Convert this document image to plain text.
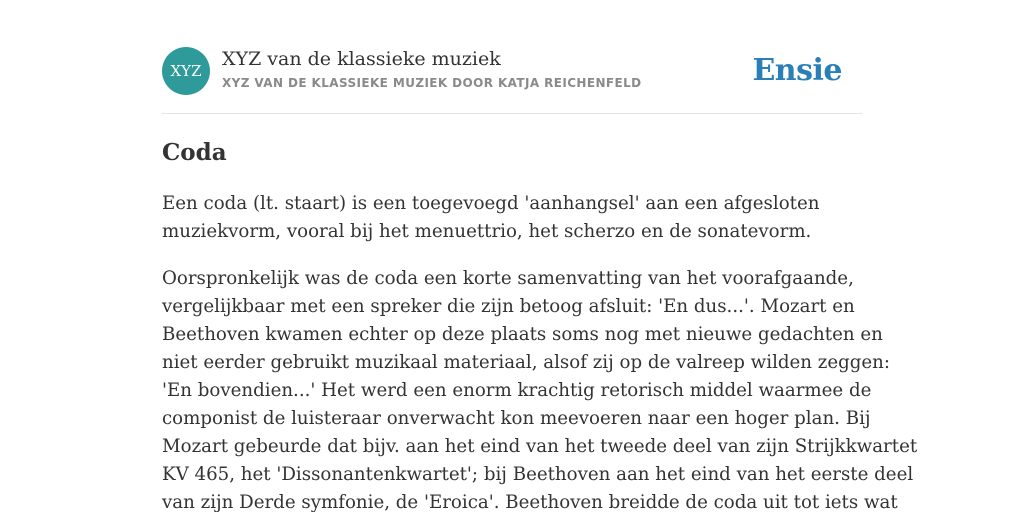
XYZ
XYZ van de klassieke muziek
XYZ VAN DE KLASSIEKE MUZIEK DOOR KATJA REICHENFELD	Ensie
Coda

Een coda (lt. staart) is een toegevoegd 'aanhangsel' aan een afgesloten
muziekvorm, vooral bij het menuettrio, het scherzo en de sonatevorm.

Oorspronkelijk was de coda een korte samenvatting van het voorafgaande,
vergelijkbaar met een spreker die zijn betoog afsluit: 'En dus...'. Mozart en
Beethoven kwamen echter op deze plaats soms nog met nieuwe gedachten en
niet eerder gebruikt muzikaal materiaal, alsof zij op de valreep wilden zeggen:
'En bovendien...' Het werd een enorm krachtig retorisch middel waarmee de
componist de luisteraar onverwacht kon meevoeren naar een hoger plan. Bij
Mozart gebeurde dat bijv. aan het eind van het tweede deel van zijn Strijkkwartet
KV 465, het 'Dissonantenkwartet'; bij Beethoven aan het eind van het eerste deel
van zijn Derde symfonie, de 'Eroica'. Beethoven breidde de coda uit tot iets wat
